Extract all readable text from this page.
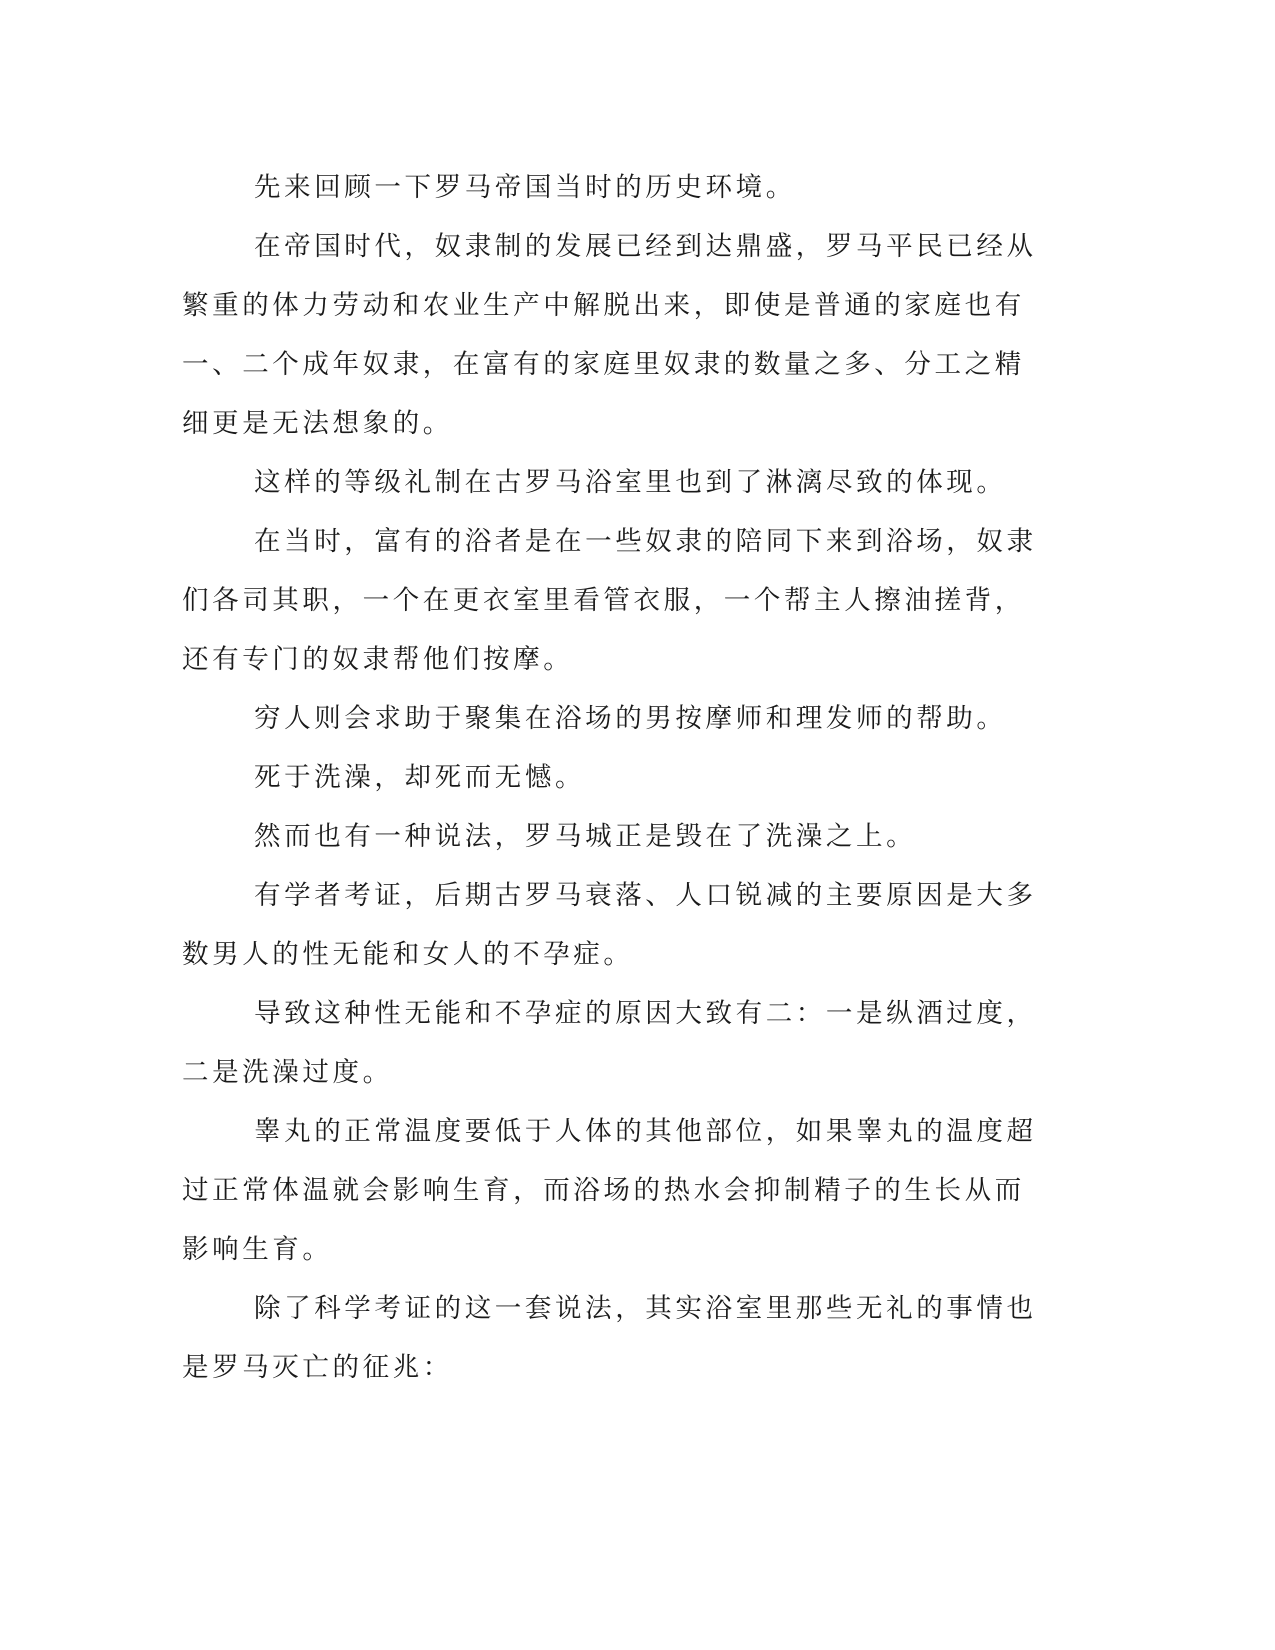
先来回顾一下罗马帝国当时的历史环境。

在帝国时代，奴隶制的发展已经到达鼎盛，罗马平民已经从繁重的体力劳动和农业生产中解脱出来，即使是普通的家庭也有一、二个成年奴隶，在富有的家庭里奴隶的数量之多、分工之精细更是无法想象的。

这样的等级礼制在古罗马浴室里也到了淋漓尽致的体现。

在当时，富有的浴者是在一些奴隶的陪同下来到浴场，奴隶们各司其职，一个在更衣室里看管衣服，一个帮主人擦油搓背，还有专门的奴隶帮他们按摩。

穷人则会求助于聚集在浴场的男按摩师和理发师的帮助。

死于洗澡，却死而无憾。

然而也有一种说法，罗马城正是毁在了洗澡之上。

有学者考证，后期古罗马衰落、人口锐减的主要原因是大多数男人的性无能和女人的不孕症。

导致这种性无能和不孕症的原因大致有二：一是纵酒过度，二是洗澡过度。

睾丸的正常温度要低于人体的其他部位，如果睾丸的温度超过正常体温就会影响生育，而浴场的热水会抑制精子的生长从而影响生育。

除了科学考证的这一套说法，其实浴室里那些无礼的事情也是罗马灭亡的征兆：
